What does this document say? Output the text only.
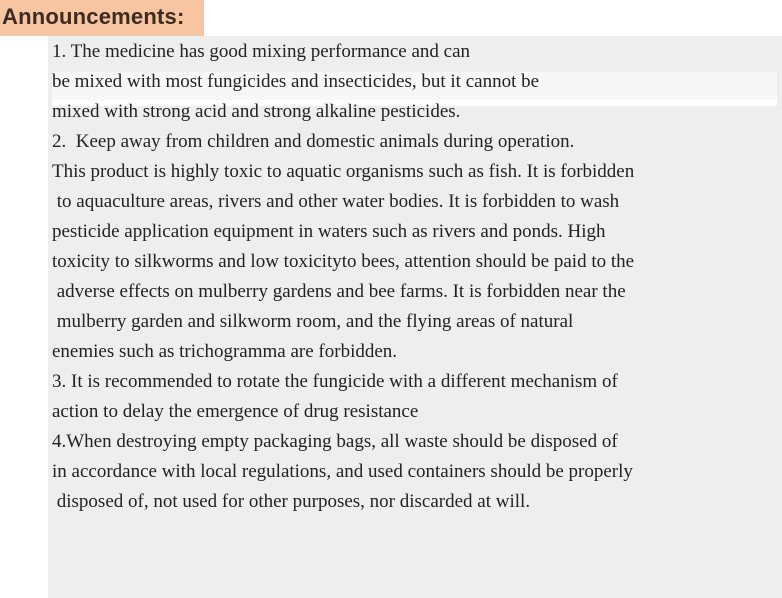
Announcements:
1. The medicine has good mixing performance and can
be mixed with most fungicides and insecticides, but it cannot be
mixed with strong acid and strong alkaline pesticides.
2.  Keep away from children and domestic animals during operation.
This product is highly toxic to aquatic organisms such as fish. It is forbidden
to aquaculture areas, rivers and other water bodies. It is forbidden to wash
pesticide application equipment in waters such as rivers and ponds. High
toxicity to silkworms and low toxicityto bees, attention should be paid to the
adverse effects on mulberry gardens and bee farms. It is forbidden near the
mulberry garden and silkworm room, and the flying areas of natural
enemies such as trichogramma are forbidden.
3. It is recommended to rotate the fungicide with a different mechanism of
action to delay the emergence of drug resistance
4.When destroying empty packaging bags, all waste should be disposed of
in accordance with local regulations, and used containers should be properly
disposed of, not used for other purposes, nor discarded at will.
